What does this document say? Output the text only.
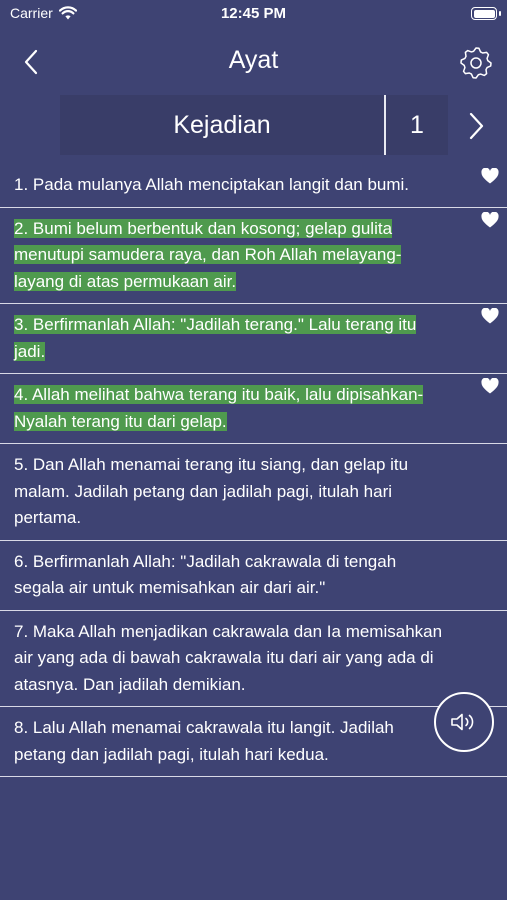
Carrier	12:45 PM
Ayat
Kejadian	1
1. Pada mulanya Allah menciptakan langit dan bumi.
2. Bumi belum berbentuk dan kosong; gelap gulita menutupi samudera raya, dan Roh Allah melayang-layang di atas permukaan air.
3. Berfirmanlah Allah: "Jadilah terang." Lalu terang itu jadi.
4. Allah melihat bahwa terang itu baik, lalu dipisahkan-Nyalah terang itu dari gelap.
5. Dan Allah menamai terang itu siang, dan gelap itu malam. Jadilah petang dan jadilah pagi, itulah hari pertama.
6. Berfirmanlah Allah: "Jadilah cakrawala di tengah segala air untuk memisahkan air dari air."
7. Maka Allah menjadikan cakrawala dan Ia memisahkan air yang ada di bawah cakrawala itu dari air yang ada di atasnya. Dan jadilah demikian.
8. Lalu Allah menamai cakrawala itu langit. Jadilah petang dan jadilah pagi, itulah hari kedua.
